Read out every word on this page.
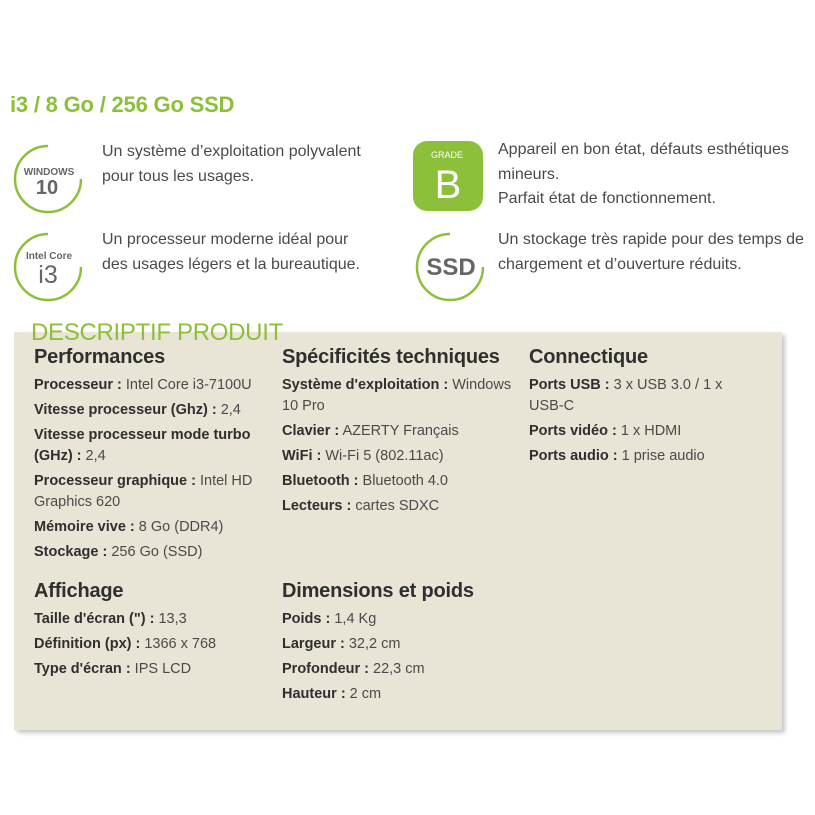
i3 / 8 Go / 256 Go SSD
WINDOWS
10
Un système d’exploitation polyvalent pour tous les usages.
GRADE
B
Appareil en bon état, défauts esthétiques mineurs.
Parfait état de fonctionnement.
Intel Core
i3
Un processeur moderne idéal pour des usages légers et la bureautique.	SSD
Un stockage très rapide pour des temps de chargement et d’ouverture réduits.
DESCRIPTIF PRODUIT
Performances
Processeur : Intel Core i3-7100U
Vitesse processeur (Ghz) : 2,4
Vitesse processeur mode turbo (GHz) : 2,4
Processeur graphique : Intel HD Graphics 620
Mémoire vive : 8 Go (DDR4)
Stockage : 256 Go (SSD)
Spécificités techniques
Système d'exploitation : Windows 10 Pro
Clavier : AZERTY Français
WiFi : Wi-Fi 5 (802.11ac)
Bluetooth : Bluetooth 4.0
Lecteurs : cartes SDXC
Connectique
Ports USB : 3 x USB 3.0 / 1 x USB-C
Ports vidéo : 1 x HDMI
Ports audio : 1 prise audio
Affichage
Taille d'écran (") : 13,3
Définition (px) : 1366 x 768
Type d'écran : IPS LCD
Dimensions et poids
Poids : 1,4 Kg
Largeur : 32,2 cm
Profondeur : 22,3 cm
Hauteur : 2 cm
